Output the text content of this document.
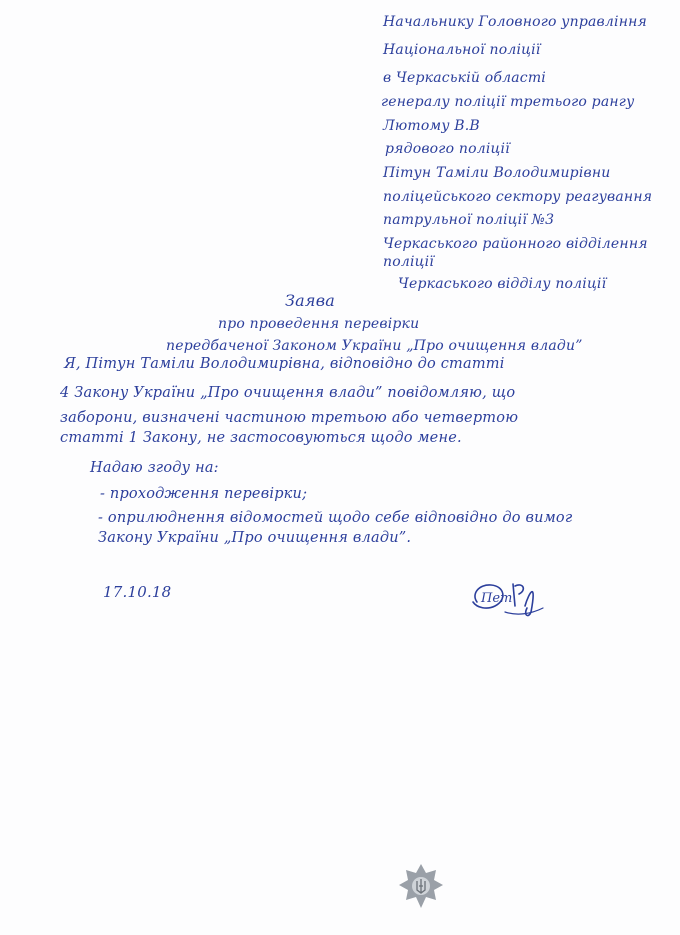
Начальнику Головного управління
Національної поліції
в Черкаській області
генералу поліції третього рангу
Лютому В.В
рядового поліції
Пітун Таміли Володимирівни
поліцейського сектору реагування
патрульної поліції №3
Черкаського районного відділення
поліції
Черкаського відділу поліції
Заява
про проведення перевірки
передбаченої Законом України „Про очищення влади”
Я, Пітун Таміли Володимирівна, відповідно до статті
4 Закону України „Про очищення влади” повідомляю, що
заборони, визначені частиною третьою або четвертою
статті 1 Закону, не застосовуються щодо мене.
Надаю згоду на:
- проходження перевірки;
- оприлюднення відомостей щодо себе відповідно до вимог
Закону України „Про очищення влади”.
17.10.18	Пет
